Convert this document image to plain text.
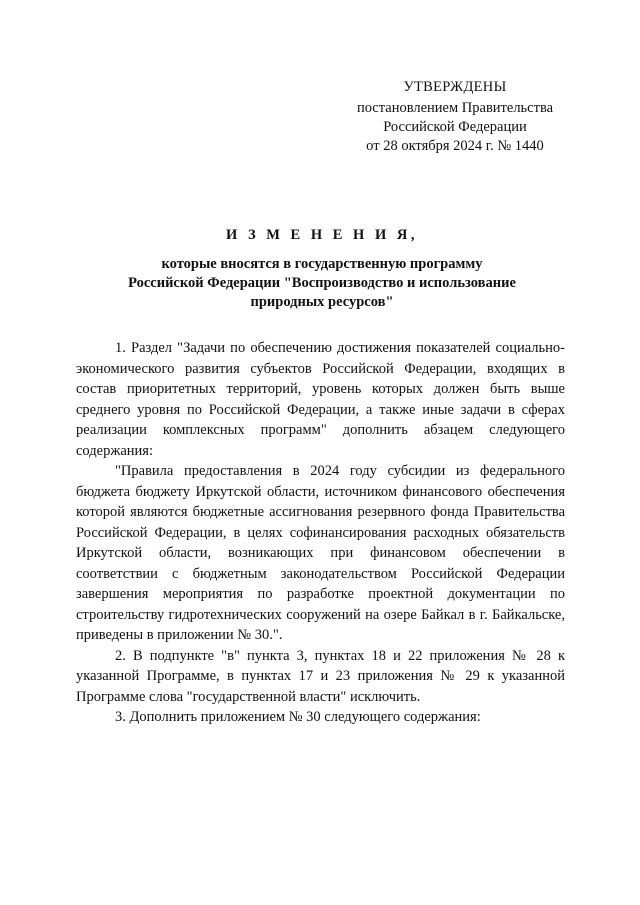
УТВЕРЖДЕНЫ
постановлением Правительства
Российской Федерации
от 28 октября 2024 г. № 1440
И З М Е Н Е Н И Я,
которые вносятся в государственную программу
Российской Федерации "Воспроизводство и использование
природных ресурсов"

1. Раздел "Задачи по обеспечению достижения показателей социально-экономического развития субъектов Российской Федерации, входящих в состав приоритетных территорий, уровень которых должен быть выше среднего уровня по Российской Федерации, а также иные задачи в сферах реализации комплексных программ" дополнить абзацем следующего содержания:

"Правила предоставления в 2024 году субсидии из федерального бюджета бюджету Иркутской области, источником финансового обеспечения которой являются бюджетные ассигнования резервного фонда Правительства Российской Федерации, в целях софинансирования расходных обязательств Иркутской области, возникающих при финансовом обеспечении в соответствии с бюджетным законодательством Российской Федерации завершения мероприятия по разработке проектной документации по строительству гидротехнических сооружений на озере Байкал в г. Байкальске, приведены в приложении № 30.".

2. В подпункте "в" пункта 3, пунктах 18 и 22 приложения № 28 к указанной Программе, в пунктах 17 и 23 приложения № 29 к указанной Программе слова "государственной власти" исключить.

3. Дополнить приложением № 30 следующего содержания:
